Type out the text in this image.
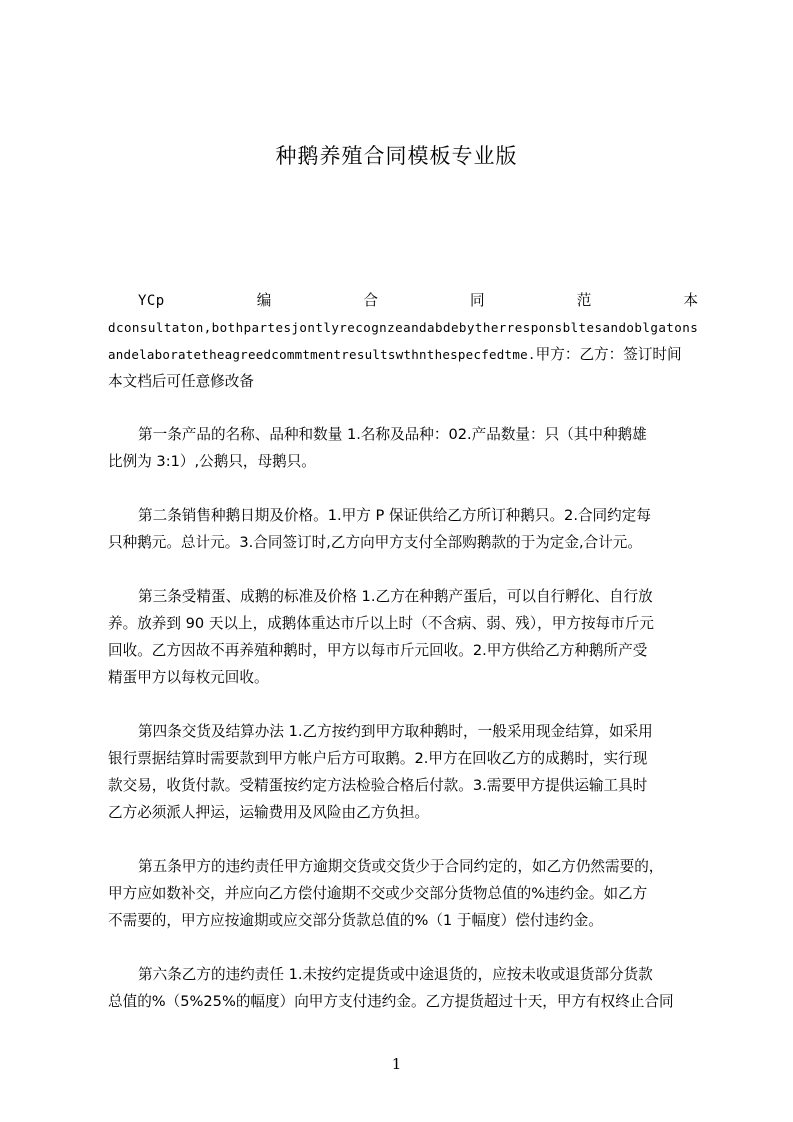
种鹅养殖合同模板专业版
YCp	编	合	同	范	本
dconsultaton,bothpartesjontlyrecognzeandabdebytherresponsbltesandoblgatons
andelaboratetheagreedcommtmentresultswthnthespecfedtme.甲方：乙方：签订时间
本文档后可任意修改备
第一条产品的名称、品种和数量 1.名称及品种：02.产品数量：只（其中种鹅雄
比例为 3:1）,公鹅只，母鹅只。
第二条销售种鹅日期及价格。1.甲方 P 保证供给乙方所订种鹅只。2.合同约定每
只种鹅元。总计元。3.合同签订时,乙方向甲方支付全部购鹅款的于为定金,合计元。
第三条受精蛋、成鹅的标准及价格 1.乙方在种鹅产蛋后，可以自行孵化、自行放
养。放养到 90 天以上，成鹅体重达市斤以上时（不含病、弱、残），甲方按每市斤元
回收。乙方因故不再养殖种鹅时，甲方以每市斤元回收。2.甲方供给乙方种鹅所产受
精蛋甲方以每枚元回收。
第四条交货及结算办法 1.乙方按约到甲方取种鹅时，一般采用现金结算，如采用
银行票据结算时需要款到甲方帐户后方可取鹅。2.甲方在回收乙方的成鹅时，实行现
款交易，收货付款。受精蛋按约定方法检验合格后付款。3.需要甲方提供运输工具时
乙方必须派人押运，运输费用及风险由乙方负担。
第五条甲方的违约责任甲方逾期交货或交货少于合同约定的，如乙方仍然需要的，
甲方应如数补交，并应向乙方偿付逾期不交或少交部分货物总值的%违约金。如乙方
不需要的，甲方应按逾期或应交部分货款总值的%（1 于幅度）偿付违约金。
第六条乙方的违约责任 1.未按约定提货或中途退货的，应按未收或退货部分货款
总值的%（5%25%的幅度）向甲方支付违约金。乙方提货超过十天，甲方有权终止合同
1
